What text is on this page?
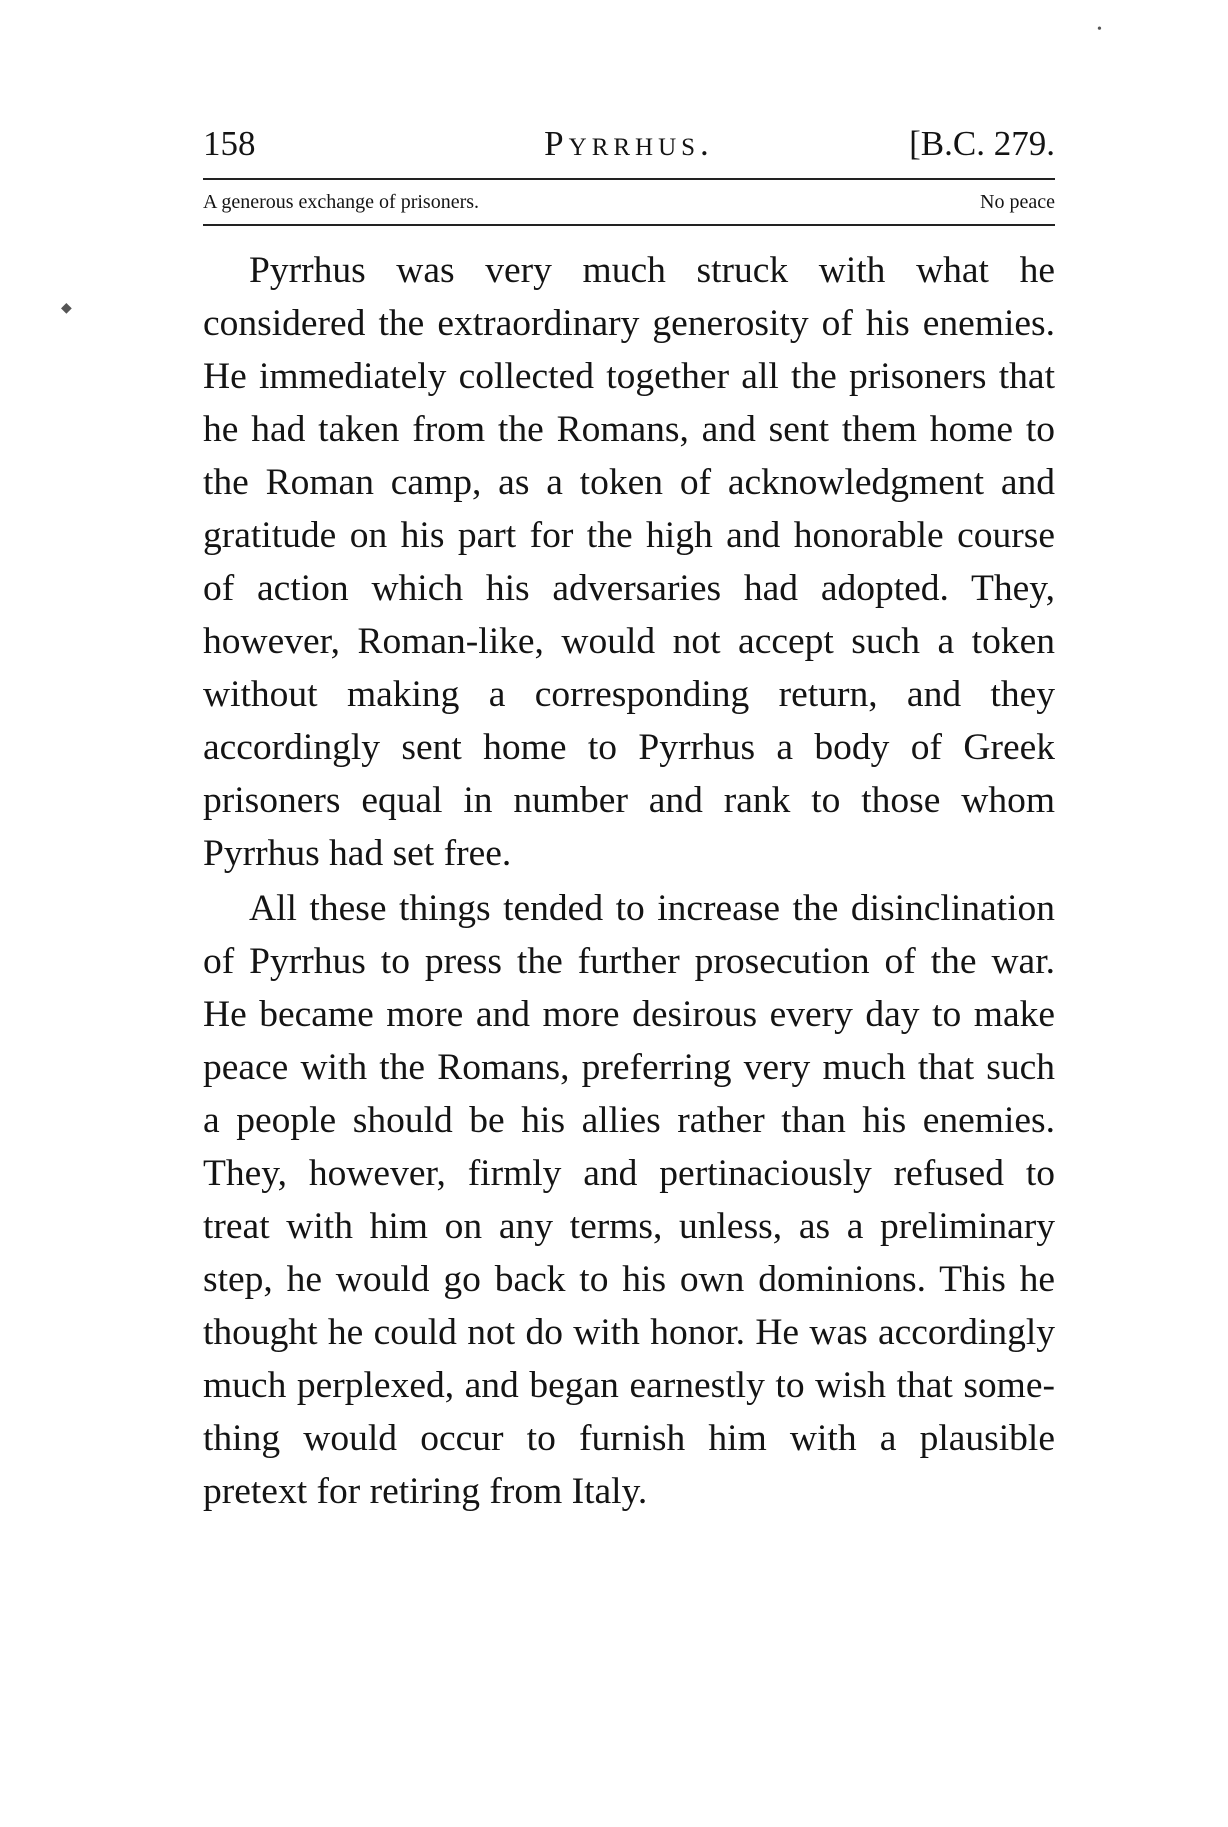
•
◆
158	Pyrrhus.	[B.C. 279.
A generous exchange of prisoners.	No peace

Pyrrhus was very much struck with what he considered the extraordinary generosity of his enemies. He immediately collected together all the prisoners that he had taken from the Romans, and sent them home to the Roman camp, as a token of acknowledgment and gratitude on his part for the high and honorable course of action which his adversaries had adopted. They, however, Roman-like, would not accept such a token without making a corresponding return, and they accordingly sent home to Pyrrhus a body of Greek prisoners equal in number and rank to those whom Pyrrhus had set free.

All these things tended to increase the disinclination of Pyrrhus to press the further prosecution of the war. He became more and more desirous every day to make peace with the Romans, preferring very much that such a people should be his allies rather than his enemies. They, however, firmly and pertinaciously refused to treat with him on any terms, unless, as a preliminary step, he would go back to his own dominions. This he thought he could not do with honor. He was accordingly much perplexed, and began earnestly to wish that something would occur to furnish him with a plausible pretext for retiring from Italy.
